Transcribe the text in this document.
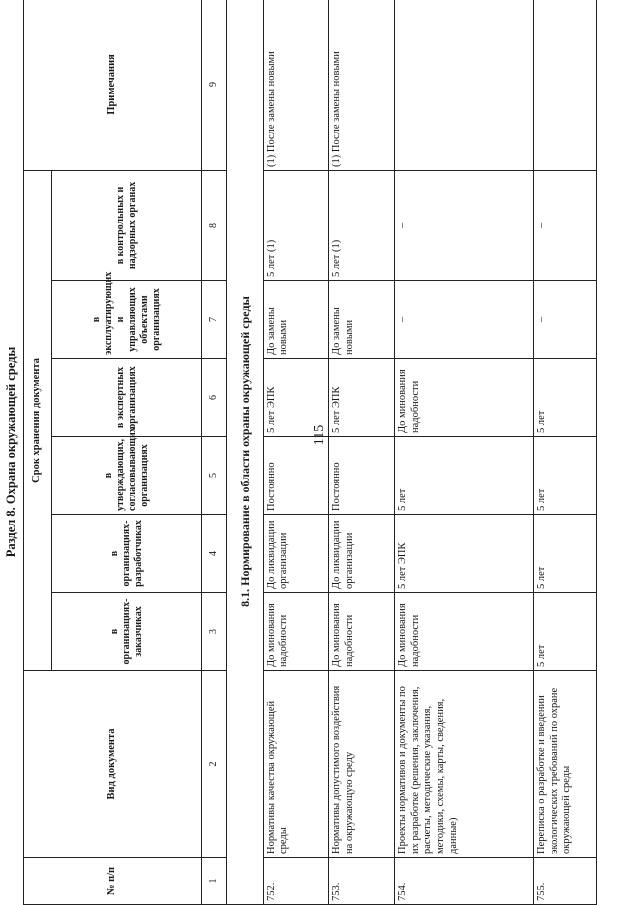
115
Раздел 8. Охрана окружающей среды
№ п/п	Вид документа	Срок хранения документа						Примечания
		в организациях-заказчиках	в организациях-разработчиках	в утверждающих, согласовывающих организациях	в экспертных организациях	в эксплуатирующих и управляющих объектами организациях	в контрольных и надзорных органах	
1	2	3	4	5	6	7	8	9
8.1. Нормирование в области охраны окружающей среды								
752.	Нормативы качества окружающей среды	До минования надобности	До ликвидации организации	Постоянно	5 лет ЭПК	До замены новыми	5 лет (1)	(1) После замены новыми
753.	Нормативы допустимого воздействия на окружающую среду	До минования надобности	До ликвидации организации	Постоянно	5 лет ЭПК	До замены новыми	5 лет (1)	(1) После замены новыми
754.	Проекты нормативов и документы по их разработке (решения, заключения, расчеты, методические указания, методики, схемы, карты, сведения, данные)	До минования надобности	5 лет ЭПК	5 лет	До минования надобности	–	–	
755.	Переписка о разработке и введении экологических требований по охране окружающей среды	5 лет	5 лет	5 лет	5 лет	–	–	
